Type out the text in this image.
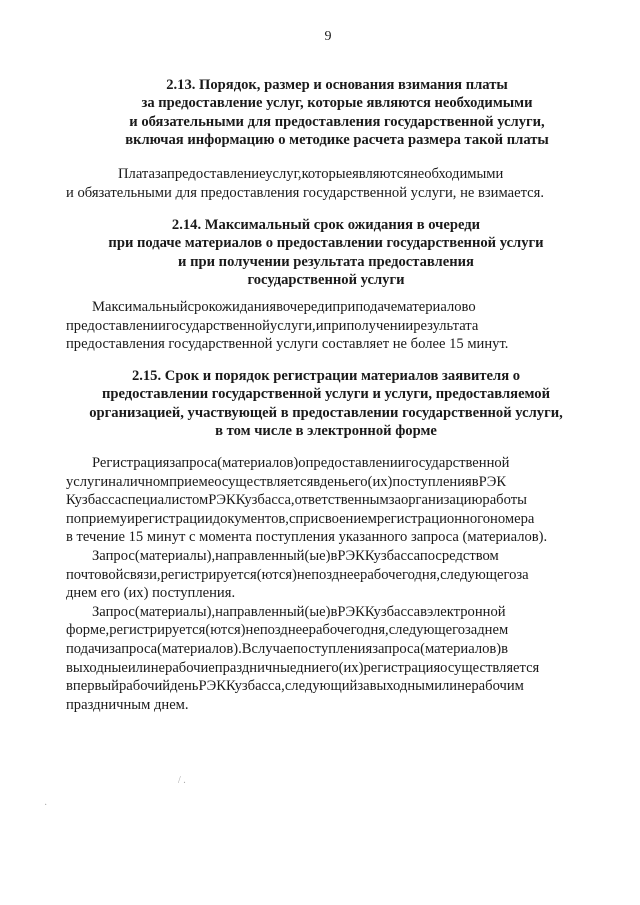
9
2.13. Порядок, размер и основания взимания платы
за предоставление услуг, которые являются необходимыми
и обязательными для предоставления государственной услуги,
включая информацию о методике расчета размера такой платы
Платазапредоставлениеуслуг,которыеявляютсянеобходимыми
и обязательными для предоставления государственной услуги, не взимается.
2.14. Максимальный срок ожидания в очереди
при подаче материалов о предоставлении государственной услуги
и при получении результата предоставления
государственной услуги
Максимальныйсрокожиданиявочередиприподачематериалово
предоставлениигосударственнойуслуги,иприполучениирезультата
предоставления государственной услуги составляет не более 15 минут.
2.15. Срок и порядок регистрации материалов заявителя о
предоставлении государственной услуги и услуги, предоставляемой
организацией, участвующей в предоставлении государственной услуги,
в том числе в электронной форме
Регистрациязапроса(материалов)опредоставлениигосударственной
услугиналичномприемеосуществляетсявденьего(их)поступлениявРЭК
КузбассаспециалистомРЭККузбасса,ответственнымзаорганизациюработы
поприемуирегистрациидокументов,сприсвоениемрегистрационногономера
в течение 15 минут с момента поступления указанного запроса (материалов).
Запрос(материалы),направленный(ые)вРЭККузбассапосредством
почтовойсвязи,регистрируется(ются)непозднеерабочегодня,следующегоза
днем его (их) поступления.
Запрос(материалы),направленный(ые)вРЭККузбассавэлектронной
форме,регистрируется(ются)непозднеерабочегодня,следующегозаднем
подачизапроса(материалов).Вслучаепоступлениязапроса(материалов)в
выходныеилинерабочиепраздничныедниего(их)регистрацияосуществляется
впервыйрабочийденьРЭККузбасса,следующийзавыходнымилинерабочим
праздничным днем.
/ .
·
